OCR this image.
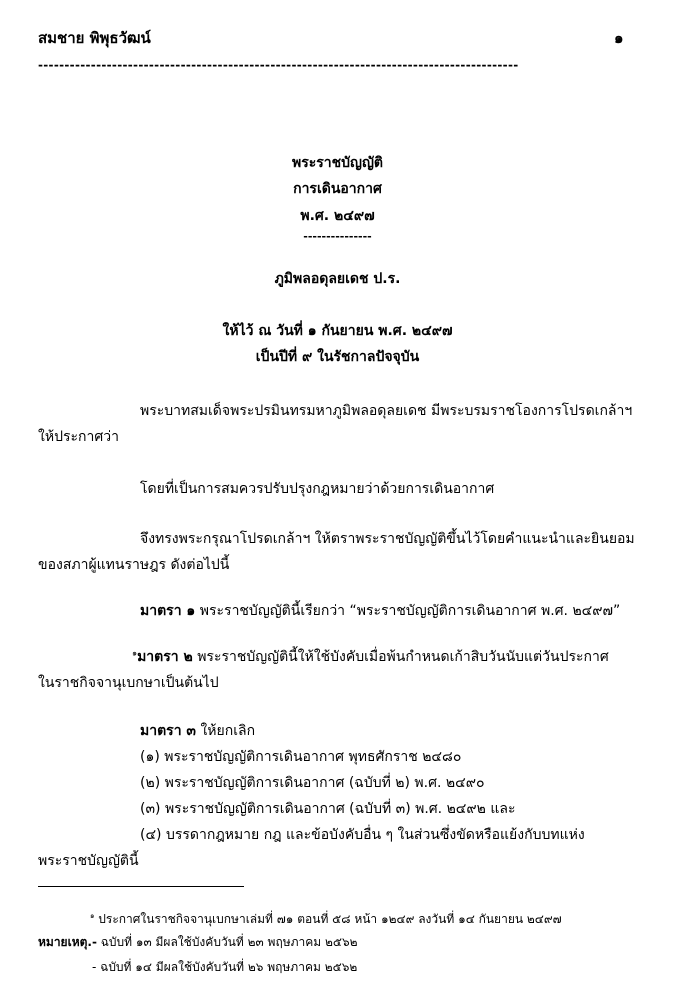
สมชาย พิพุธวัฒน์	๑
-------------------------------------------------------------------------------------------
พระราชบัญญัติ
การเดินอากาศ
พ.ศ. ๒๔๙๗
---------------
ภูมิพลอดุลยเดช ป.ร.
ให้ไว้ ณ วันที่ ๑ กันยายน พ.ศ. ๒๔๙๗
เป็นปีที่ ๙ ในรัชกาลปัจจุบัน
พระบาทสมเด็จพระปรมินทรมหาภูมิพลอดุลยเดช มีพระบรมราชโองการโปรดเกล้าฯ
ให้ประกาศว่า
โดยที่เป็นการสมควรปรับปรุงกฎหมายว่าด้วยการเดินอากาศ
จึงทรงพระกรุณาโปรดเกล้าฯ ให้ตราพระราชบัญญัติขึ้นไว้โดยคำแนะนำและยินยอม
ของสภาผู้แทนราษฎร ดังต่อไปนี้
มาตรา ๑ พระราชบัญญัตินี้เรียกว่า “พระราชบัญญัติการเดินอากาศ พ.ศ. ๒๔๙๗”
$^๑$มาตรา ๒ พระราชบัญญัตินี้ให้ใช้บังคับเมื่อพ้นกำหนดเก้าสิบวันนับแต่วันประกาศ
ในราชกิจจานุเบกษาเป็นต้นไป
มาตรา ๓ ให้ยกเลิก
(๑) พระราชบัญญัติการเดินอากาศ พุทธศักราช ๒๔๘๐
(๒) พระราชบัญญัติการเดินอากาศ (ฉบับที่ ๒) พ.ศ. ๒๔๙๐
(๓) พระราชบัญญัติการเดินอากาศ (ฉบับที่ ๓) พ.ศ. ๒๔๙๒ และ
(๔) บรรดากฎหมาย กฎ และข้อบังคับอื่น ๆ ในส่วนซึ่งขัดหรือแย้งกับบทแห่ง
พระราชบัญญัตินี้
$^๑$ ประกาศในราชกิจจานุเบกษาเล่มที่ ๗๑ ตอนที่ ๕๘ หน้า ๑๒๔๙ ลงวันที่ ๑๔ กันยายน ๒๔๙๗
หมายเหตุ.- ฉบับที่ ๑๓ มีผลใช้บังคับวันที่ ๒๓ พฤษภาคม ๒๕๖๒
- ฉบับที่ ๑๔ มีผลใช้บังคับวันที่ ๒๖ พฤษภาคม ๒๕๖๒
